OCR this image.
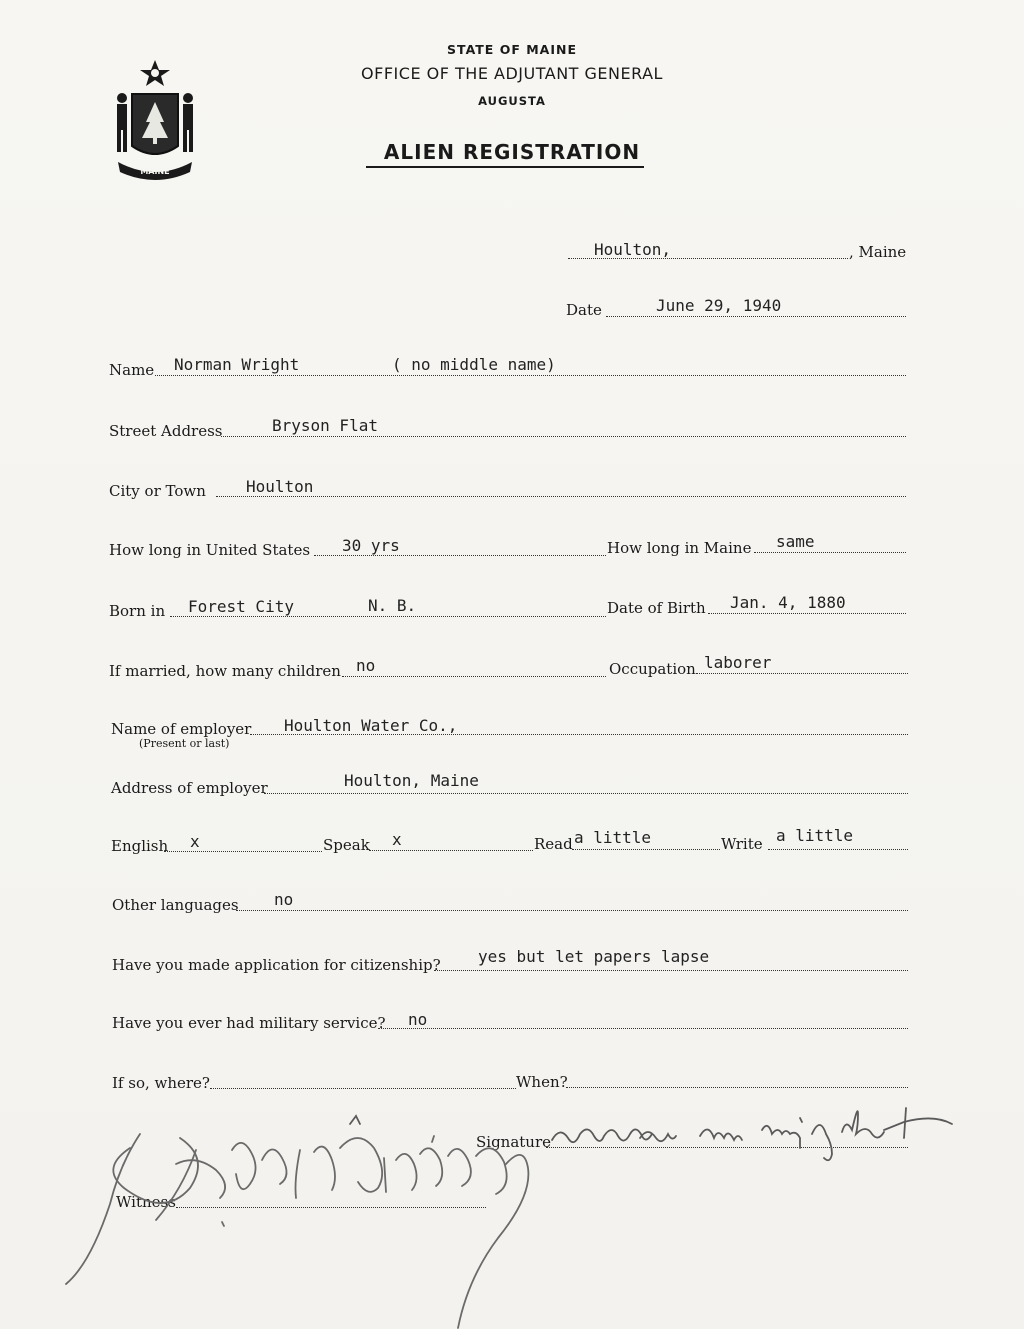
MAINE
STATE OF MAINE
OFFICE OF THE ADJUTANT GENERAL
AUGUSTA
ALIEN REGISTRATION
Houlton,	, Maine
Date	June 29, 1940
Name Norman Wright	( no middle name)
Street Address	Bryson Flat
City or Town	Houlton
How long in United States 30 yrs	How long in Maine same
Born in Forest City	N. B.	Date of Birth Jan. 4, 1880
If married, how many children no	Occupation laborer
Name of employer
(Present or last)
Houlton Water Co.,
Address of employer	Houlton, Maine
English x	Speak x	Read a little	Write a little
Other languages no
Have you made application for citizenship? yes but let papers lapse
Have you ever had military service? no
If so, where?	When?
Signature
Witness
